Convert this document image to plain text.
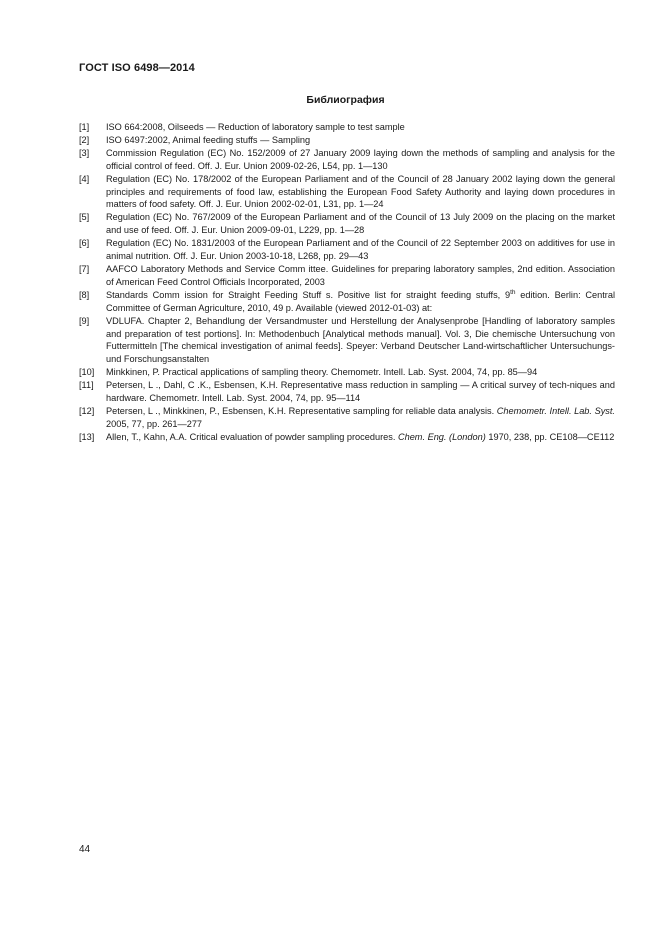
ГОСТ ISO 6498—2014
Библиография
[1]	ISO 664:2008, Oilseeds — Reduction of laboratory sample to test sample
[2]	ISO 6497:2002, Animal feeding stuffs — Sampling
[3]	Commission Regulation (EC) No. 152/2009 of 27 January 2009 laying down the methods of sampling and analysis for the official control of feed. Off. J. Eur. Union 2009-02-26, L54, pp. 1—130
[4]	Regulation (EC) No. 178/2002 of the European Parliament and of the Council of 28 January 2002 laying down the general principles and requirements of food law, establishing the European Food Safety Authority and laying down procedures in matters of food safety. Off. J. Eur. Union 2002-02-01, L31, pp. 1—24
[5]	Regulation (EC) No. 767/2009 of the European Parliament and of the Council of 13 July 2009 on the placing on the market and use of feed. Off. J. Eur. Union 2009-09-01, L229, pp. 1—28
[6]	Regulation (EC) No. 1831/2003 of the European Parliament and of the Council of 22 September 2003 on additives for use in animal nutrition. Off. J. Eur. Union 2003-10-18, L268, pp. 29—43
[7]	AAFCO Laboratory Methods and Service Comm ittee. Guidelines for preparing laboratory samples, 2nd edition. Association of American Feed Control Officials Incorporated, 2003
[8]	Standards Comm ission for Straight Feeding Stuff s. Positive list for straight feeding stuffs, 9th edition. Berlin: Central Committee of German Agriculture, 2010, 49 p. Available (viewed 2012-01-03) at:
[9]	VDLUFA. Chapter 2, Behandlung der Versandmuster und Herstellung der Analysenprobe [Handling of laboratory samples and preparation of test portions]. In: Methodenbuch [Analytical methods manual]. Vol. 3, Die chemische Untersuchung von Futtermitteln [The chemical investigation of animal feeds]. Speyer: Verband Deutscher Land-wirtschaftlicher Untersuchungs- und Forschungsanstalten
[10]	Minkkinen, P. Practical applications of sampling theory. Chemometr. Intell. Lab. Syst. 2004, 74, pp. 85—94
[11]	Petersen, L ., Dahl, C .K., Esbensen, K.H. Representative mass reduction in sampling — A critical survey of tech-niques and hardware. Chemometr. Intell. Lab. Syst. 2004, 74, pp. 95—114
[12]	Petersen, L ., Minkkinen, P., Esbensen, K.H. Representative sampling for reliable data analysis. Chemometr. Intell. Lab. Syst. 2005, 77, pp. 261—277
[13]	Allen, T., Kahn, A.A. Critical evaluation of powder sampling procedures. Chem. Eng. (London) 1970, 238, pp. CE108—CE112
44
